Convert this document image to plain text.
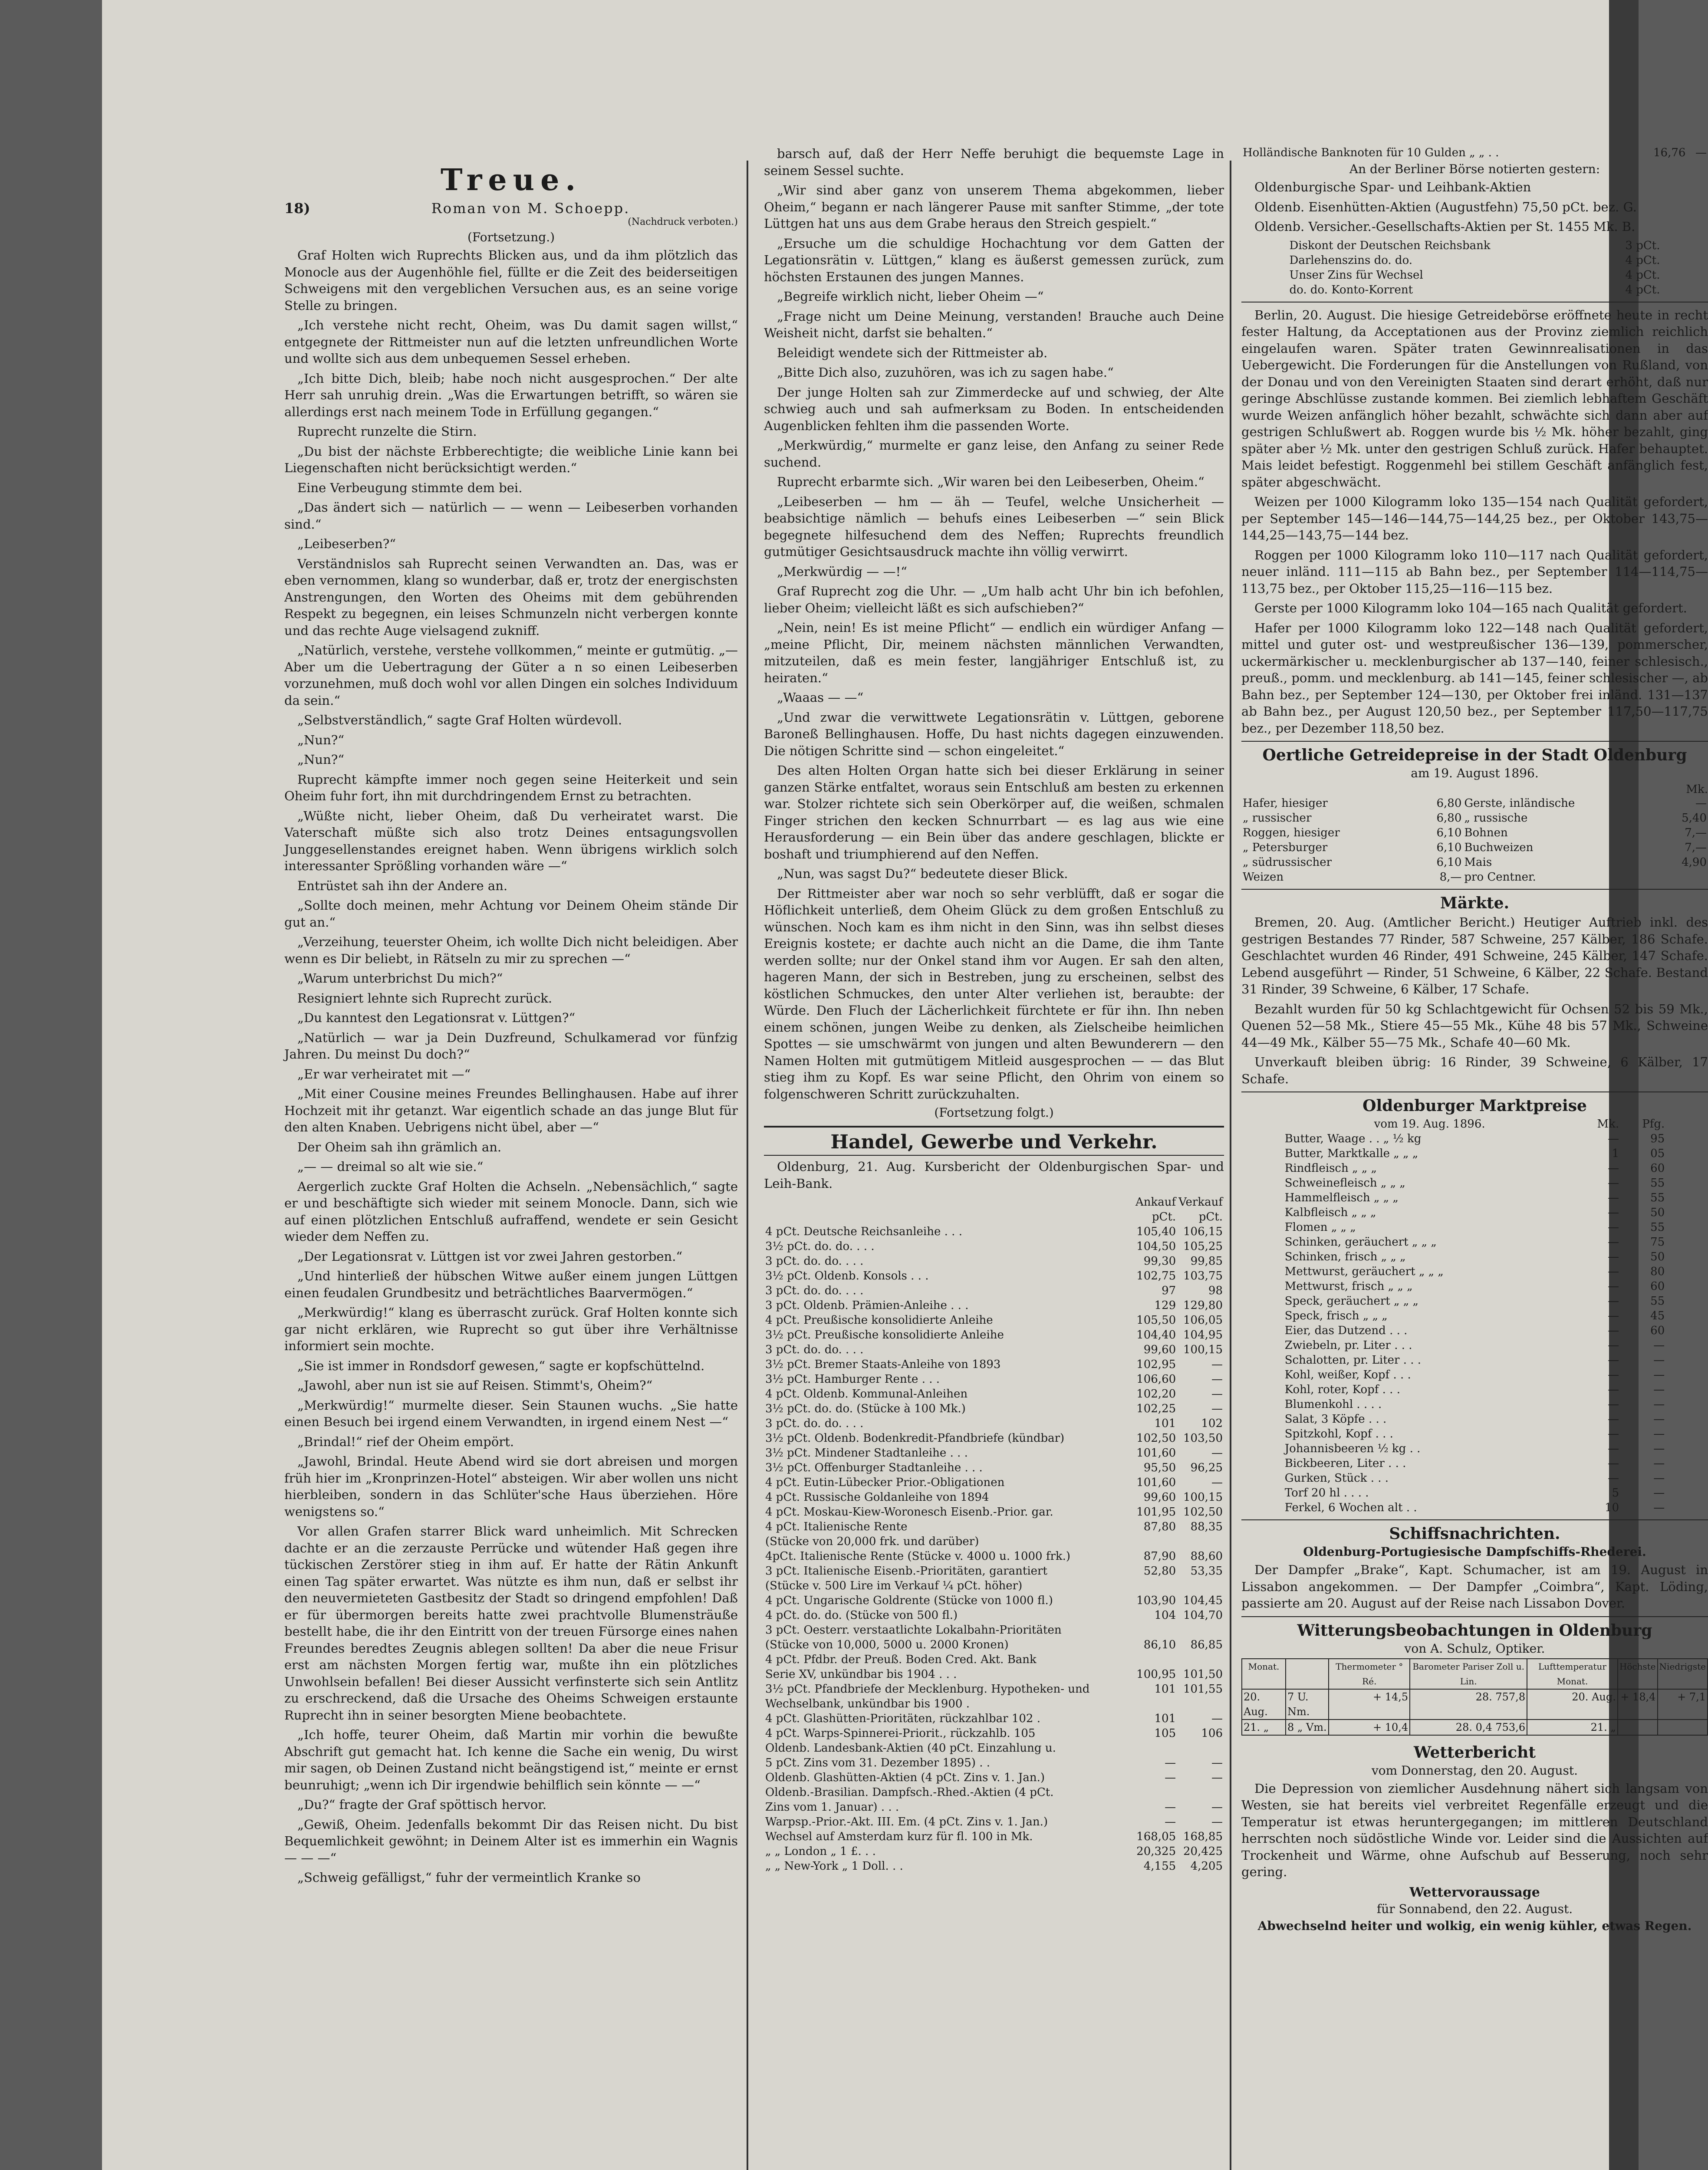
Treue.
18)	Roman von M. Schoepp.
(Nachdruck verboten.)
(Fortsetzung.)

Graf Holten wich Ruprechts Blicken aus, und da ihm plötzlich das Monocle aus der Augenhöhle fiel, füllte er die Zeit des beiderseitigen Schweigens mit den vergeblichen Versuchen aus, es an seine vorige Stelle zu bringen.

„Ich verstehe nicht recht, Oheim, was Du damit sagen willst,“ entgegnete der Rittmeister nun auf die letzten unfreundlichen Worte und wollte sich aus dem unbequemen Sessel erheben.

„Ich bitte Dich, bleib; habe noch nicht ausgesprochen.“ Der alte Herr sah unruhig drein. „Was die Erwartungen betrifft, so wären sie allerdings erst nach meinem Tode in Erfüllung gegangen.“

Ruprecht runzelte die Stirn.

„Du bist der nächste Erbberechtigte; die weibliche Linie kann bei Liegenschaften nicht berücksichtigt werden.“

Eine Verbeugung stimmte dem bei.

„Das ändert sich — natürlich — — wenn — Leibeserben vorhanden sind.“

„Leibeserben?“

Verständnislos sah Ruprecht seinen Verwandten an. Das, was er eben vernommen, klang so wunderbar, daß er, trotz der energischsten Anstrengungen, den Worten des Oheims mit dem gebührenden Respekt zu begegnen, ein leises Schmunzeln nicht verbergen konnte und das rechte Auge vielsagend zukniff.

„Natürlich, verstehe, verstehe vollkommen,“ meinte er gutmütig. „— Aber um die Uebertragung der Güter a n so einen Leibeserben vorzunehmen, muß doch wohl vor allen Dingen ein solches Individuum da sein.“

„Selbstverständlich,“ sagte Graf Holten würdevoll.

„Nun?“

„Nun?“

Ruprecht kämpfte immer noch gegen seine Heiterkeit und sein Oheim fuhr fort, ihn mit durchdringendem Ernst zu betrachten.

„Wüßte nicht, lieber Oheim, daß Du verheiratet warst. Die Vaterschaft müßte sich also trotz Deines entsagungsvollen Junggesellenstandes ereignet haben. Wenn übrigens wirklich solch interessanter Sprößling vorhanden wäre —“

Entrüstet sah ihn der Andere an.

„Sollte doch meinen, mehr Achtung vor Deinem Oheim stände Dir gut an.“

„Verzeihung, teuerster Oheim, ich wollte Dich nicht beleidigen. Aber wenn es Dir beliebt, in Rätseln zu mir zu sprechen —“

„Warum unterbrichst Du mich?“

Resigniert lehnte sich Ruprecht zurück.

„Du kanntest den Legationsrat v. Lüttgen?“

„Natürlich — war ja Dein Duzfreund, Schulkamerad vor fünfzig Jahren. Du meinst Du doch?“

„Er war verheiratet mit —“

„Mit einer Cousine meines Freundes Bellinghausen. Habe auf ihrer Hochzeit mit ihr getanzt. War eigentlich schade an das junge Blut für den alten Knaben. Uebrigens nicht übel, aber —“

Der Oheim sah ihn grämlich an.

„— — dreimal so alt wie sie.“

Aergerlich zuckte Graf Holten die Achseln. „Nebensächlich,“ sagte er und beschäftigte sich wieder mit seinem Monocle. Dann, sich wie auf einen plötzlichen Entschluß aufraffend, wendete er sein Gesicht wieder dem Neffen zu.

„Der Legationsrat v. Lüttgen ist vor zwei Jahren gestorben.“

„Und hinterließ der hübschen Witwe außer einem jungen Lüttgen einen feudalen Grundbesitz und beträchtliches Baarvermögen.“

„Merkwürdig!“ klang es überrascht zurück. Graf Holten konnte sich gar nicht erklären, wie Ruprecht so gut über ihre Verhältnisse informiert sein mochte.

„Sie ist immer in Rondsdorf gewesen,“ sagte er kopfschüttelnd.

„Jawohl, aber nun ist sie auf Reisen. Stimmt's, Oheim?“

„Merkwürdig!“ murmelte dieser. Sein Staunen wuchs. „Sie hatte einen Besuch bei irgend einem Verwandten, in irgend einem Nest —“

„Brindal!“ rief der Oheim empört.

„Jawohl, Brindal. Heute Abend wird sie dort abreisen und morgen früh hier im „Kronprinzen-Hotel“ absteigen. Wir aber wollen uns nicht hierbleiben, sondern in das Schlüter'sche Haus überziehen. Höre wenigstens so.“

Vor allen Grafen starrer Blick ward unheimlich. Mit Schrecken dachte er an die zerzauste Perrücke und wütender Haß gegen ihre tückischen Zerstörer stieg in ihm auf. Er hatte der Rätin Ankunft einen Tag später erwartet. Was nützte es ihm nun, daß er selbst ihr den neuvermieteten Gastbesitz der Stadt so dringend empfohlen! Daß er für übermorgen bereits hatte zwei prachtvolle Blumensträuße bestellt habe, die ihr den Eintritt von der treuen Fürsorge eines nahen Freundes beredtes Zeugnis ablegen sollten! Da aber die neue Frisur erst am nächsten Morgen fertig war, mußte ihn ein plötzliches Unwohlsein befallen! Bei dieser Aussicht verfinsterte sich sein Antlitz zu erschreckend, daß die Ursache des Oheims Schweigen erstaunte Ruprecht ihn in seiner besorgten Miene beobachtete.

„Ich hoffe, teurer Oheim, daß Martin mir vorhin die bewußte Abschrift gut gemacht hat. Ich kenne die Sache ein wenig, Du wirst mir sagen, ob Deinen Zustand nicht beängstigend ist,“ meinte er ernst beunruhigt; „wenn ich Dir irgendwie behilflich sein könnte — —“

„Du?“ fragte der Graf spöttisch hervor.

„Gewiß, Oheim. Jedenfalls bekommt Dir das Reisen nicht. Du bist Bequemlichkeit gewöhnt; in Deinem Alter ist es immerhin ein Wagnis — — —“

„Schweig gefälligst,“ fuhr der vermeintlich Kranke so

barsch auf, daß der Herr Neffe beruhigt die bequemste Lage in seinem Sessel suchte.

„Wir sind aber ganz von unserem Thema abgekommen, lieber Oheim,“ begann er nach längerer Pause mit sanfter Stimme, „der tote Lüttgen hat uns aus dem Grabe heraus den Streich gespielt.“

„Ersuche um die schuldige Hochachtung vor dem Gatten der Legationsrätin v. Lüttgen,“ klang es äußerst gemessen zurück, zum höchsten Erstaunen des jungen Mannes.

„Begreife wirklich nicht, lieber Oheim —“

„Frage nicht um Deine Meinung, verstanden! Brauche auch Deine Weisheit nicht, darfst sie behalten.“

Beleidigt wendete sich der Rittmeister ab.

„Bitte Dich also, zuzuhören, was ich zu sagen habe.“

Der junge Holten sah zur Zimmerdecke auf und schwieg, der Alte schwieg auch und sah aufmerksam zu Boden. In entscheidenden Augenblicken fehlten ihm die passenden Worte.

„Merkwürdig,“ murmelte er ganz leise, den Anfang zu seiner Rede suchend.

Ruprecht erbarmte sich. „Wir waren bei den Leibeserben, Oheim.“

„Leibeserben — hm — äh — Teufel, welche Unsicherheit — beabsichtige nämlich — behufs eines Leibeserben —“ sein Blick begegnete hilfesuchend dem des Neffen; Ruprechts freundlich gutmütiger Gesichtsausdruck machte ihn völlig verwirrt.

„Merkwürdig — —!“

Graf Ruprecht zog die Uhr. — „Um halb acht Uhr bin ich befohlen, lieber Oheim; vielleicht läßt es sich aufschieben?“

„Nein, nein! Es ist meine Pflicht“ — endlich ein würdiger Anfang — „meine Pflicht, Dir, meinem nächsten männlichen Verwandten, mitzuteilen, daß es mein fester, langjähriger Entschluß ist, zu heiraten.“

„Waaas — —“

„Und zwar die verwittwete Legationsrätin v. Lüttgen, geborene Baroneß Bellinghausen. Hoffe, Du hast nichts dagegen einzuwenden. Die nötigen Schritte sind — schon eingeleitet.“

Des alten Holten Organ hatte sich bei dieser Erklärung in seiner ganzen Stärke entfaltet, woraus sein Entschluß am besten zu erkennen war. Stolzer richtete sich sein Oberkörper auf, die weißen, schmalen Finger strichen den kecken Schnurrbart — es lag aus wie eine Herausforderung — ein Bein über das andere geschlagen, blickte er boshaft und triumphierend auf den Neffen.

„Nun, was sagst Du?“ bedeutete dieser Blick.

Der Rittmeister aber war noch so sehr verblüfft, daß er sogar die Höflichkeit unterließ, dem Oheim Glück zu dem großen Entschluß zu wünschen. Noch kam es ihm nicht in den Sinn, was ihn selbst dieses Ereignis kostete; er dachte auch nicht an die Dame, die ihm Tante werden sollte; nur der Onkel stand ihm vor Augen. Er sah den alten, hageren Mann, der sich in Bestreben, jung zu erscheinen, selbst des köstlichen Schmuckes, den unter Alter verliehen ist, beraubte: der Würde. Den Fluch der Lächerlichkeit fürchtete er für ihn. Ihn neben einem schönen, jungen Weibe zu denken, als Zielscheibe heimlichen Spottes — sie umschwärmt von jungen und alten Bewunderern — den Namen Holten mit gutmütigem Mitleid ausgesprochen — — das Blut stieg ihm zu Kopf. Es war seine Pflicht, den Ohrim von einem so folgenschweren Schritt zurückzuhalten.

(Fortsetzung folgt.)
Handel, Gewerbe und Verkehr.

Oldenburg, 21. Aug. Kursbericht der Oldenburgischen Spar- und Leih-Bank.

	Ankauf	Verkauf
	pCt.	pCt.
4 pCt. Deutsche Reichsanleihe . . .	105,40	106,15
3½ pCt. do. do. . . .	104,50	105,25
3 pCt. do. do. . . .	99,30	99,85
3½ pCt. Oldenb. Konsols . . .	102,75	103,75
3 pCt. do. do. . . .	97	98
3 pCt. Oldenb. Prämien-Anleihe . . .	129	129,80
4 pCt. Preußische konsolidierte Anleihe	105,50	106,05
3½ pCt. Preußische konsolidierte Anleihe	104,40	104,95
3 pCt. do. do. . . .	99,60	100,15
3½ pCt. Bremer Staats-Anleihe von 1893	102,95	—
3½ pCt. Hamburger Rente . . .	106,60	—
4 pCt. Oldenb. Kommunal-Anleihen	102,20	—
3½ pCt. do. do. (Stücke à 100 Mk.)	102,25	—
3 pCt. do. do. . . .	101	102
3½ pCt. Oldenb. Bodenkredit-Pfandbriefe (kündbar)	102,50	103,50
3½ pCt. Mindener Stadtanleihe . . .	101,60	—
3½ pCt. Offenburger Stadtanleihe . . .	95,50	96,25
4 pCt. Eutin-Lübecker Prior.-Obligationen	101,60	—
4 pCt. Russische Goldanleihe von 1894	99,60	100,15
4 pCt. Moskau-Kiew-Woronesch Eisenb.-Prior. gar.	101,95	102,50
4 pCt. Italienische Rente	87,80	88,35
(Stücke von 20,000 frk. und darüber)		
4pCt. Italienische Rente (Stücke v. 4000 u. 1000 frk.)	87,90	88,60
3 pCt. Italienische Eisenb.-Prioritäten, garantiert	52,80	53,35
(Stücke v. 500 Lire im Verkauf ¼ pCt. höher)		
4 pCt. Ungarische Goldrente (Stücke von 1000 fl.)	103,90	104,45
4 pCt. do. do. (Stücke von 500 fl.)	104	104,70
3 pCt. Oesterr. verstaatlichte Lokalbahn-Prioritäten		
(Stücke von 10,000, 5000 u. 2000 Kronen)	86,10	86,85
4 pCt. Pfdbr. der Preuß. Boden Cred. Akt. Bank		
Serie XV, unkündbar bis 1904 . . .	100,95	101,50
3½ pCt. Pfandbriefe der Mecklenburg. Hypotheken- und Wechselbank, unkündbar bis 1900 .	101	101,55
4 pCt. Glashütten-Prioritäten, rückzahlbar 102 .	101	—
4 pCt. Warps-Spinnerei-Priorit., rückzahlb. 105	105	106
Oldenb. Landesbank-Aktien (40 pCt. Einzahlung u.		
5 pCt. Zins vom 31. Dezember 1895) . .	—	—
Oldenb. Glashütten-Aktien (4 pCt. Zins v. 1. Jan.)	—	—
Oldenb.-Brasilian. Dampfsch.-Rhed.-Aktien (4 pCt.		
Zins vom 1. Januar) . . .	—	—
Warpsp.-Prior.-Akt. III. Em. (4 pCt. Zins v. 1. Jan.)	—	—
Wechsel auf Amsterdam kurz für fl. 100 in Mk.	168,05	168,85
„ „ London „ 1 £. . .	20,325	20,425
„ „ New-York „ 1 Doll. . .	4,155	4,205
Holländische Banknoten für 10 Gulden „ „ . .	16,76	—
An der Berliner Börse notierten gestern:

Oldenburgische Spar- und Leihbank-Aktien

Oldenb. Eisenhütten-Aktien (Augustfehn) 75,50 pCt. bez. G.

Oldenb. Versicher.-Gesellschafts-Aktien per St. 1455 Mk. B.

Diskont der Deutschen Reichsbank	3 pCt.
Darlehenszins do. do.	4 pCt.
Unser Zins für Wechsel	4 pCt.
do. do. Konto-Korrent	4 pCt.

Berlin, 20. August. Die hiesige Getreidebörse eröffnete heute in recht fester Haltung, da Acceptationen aus der Provinz ziemlich reichlich eingelaufen waren. Später traten Gewinnrealisationen in das Uebergewicht. Die Forderungen für die Anstellungen von Rußland, von der Donau und von den Vereinigten Staaten sind derart erhöht, daß nur geringe Abschlüsse zustande kommen. Bei ziemlich lebhaftem Geschäft wurde Weizen anfänglich höher bezahlt, schwächte sich dann aber auf gestrigen Schlußwert ab. Roggen wurde bis ½ Mk. höher bezahlt, ging später aber ½ Mk. unter den gestrigen Schluß zurück. Hafer behauptet. Mais leidet befestigt. Roggenmehl bei stillem Geschäft anfänglich fest, später abgeschwächt.

Weizen per 1000 Kilogramm loko 135—154 nach Qualität gefordert, per September 145—146—144,75—144,25 bez., per Oktober 143,75—144,25—143,75—144 bez.

Roggen per 1000 Kilogramm loko 110—117 nach Qualität gefordert, neuer inländ. 111—115 ab Bahn bez., per September 114—114,75—113,75 bez., per Oktober 115,25—116—115 bez.

Gerste per 1000 Kilogramm loko 104—165 nach Qualität gefordert.

Hafer per 1000 Kilogramm loko 122—148 nach Qualität gefordert, mittel und guter ost- und westpreußischer 136—139, pommerscher, uckermärkischer u. mecklenburgischer ab 137—140, feiner schlesisch., preuß., pomm. und mecklenburg. ab 141—145, feiner schlesischer —, ab Bahn bez., per September 124—130, per Oktober frei inländ. 131—137 ab Bahn bez., per August 120,50 bez., per September 117,50—117,75 bez., per Dezember 118,50 bez.

Oertliche Getreidepreise in der Stadt Oldenburg
am 19. August 1896.
Mk.
Hafer, hiesiger	6,80	Gerste, inländische	—
„ russischer	6,80	„ russische	5,40
Roggen, hiesiger	6,10	Bohnen	7,—
„ Petersburger	6,10	Buchweizen	7,—
„ südrussischer	6,10	Mais	4,90
Weizen	8,—	pro Centner.	
Märkte.

Bremen, 20. Aug. (Amtlicher Bericht.) Heutiger Auftrieb inkl. des gestrigen Bestandes 77 Rinder, 587 Schweine, 257 Kälber, 186 Schafe. Geschlachtet wurden 46 Rinder, 491 Schweine, 245 Kälber, 147 Schafe. Lebend ausgeführt — Rinder, 51 Schweine, 6 Kälber, 22 Schafe. Bestand 31 Rinder, 39 Schweine, 6 Kälber, 17 Schafe.

Bezahlt wurden für 50 kg Schlachtgewicht für Ochsen 52 bis 59 Mk., Quenen 52—58 Mk., Stiere 45—55 Mk., Kühe 48 bis 57 Mk., Schweine 44—49 Mk., Kälber 55—75 Mk., Schafe 40—60 Mk.

Unverkauft bleiben übrig: 16 Rinder, 39 Schweine, 6 Kälber, 17 Schafe.

Oldenburger Marktpreise
vom 19. Aug. 1896.	Mk.	Pfg.
Butter, Waage . . „ ½ kg	—	95
Butter, Marktkalle „ „ „	1	05
Rindfleisch „ „ „	—	60
Schweinefleisch „ „ „	—	55
Hammelfleisch „ „ „	—	55
Kalbfleisch „ „ „	—	50
Flomen „ „ „	—	55
Schinken, geräuchert „ „ „	—	75
Schinken, frisch „ „ „	—	50
Mettwurst, geräuchert „ „ „	—	80
Mettwurst, frisch „ „ „	—	60
Speck, geräuchert „ „ „	—	55
Speck, frisch „ „ „	—	45
Eier, das Dutzend . . .	—	60
Zwiebeln, pr. Liter . . .	—	—
Schalotten, pr. Liter . . .	—	—
Kohl, weißer, Kopf . . .	—	—
Kohl, roter, Kopf . . .	—	—
Blumenkohl . . . .	—	—
Salat, 3 Köpfe . . .	—	—
Spitzkohl, Kopf . . .	—	—
Johannisbeeren ½ kg . .	—	—
Bickbeeren, Liter . . .	—	—
Gurken, Stück . . .	—	—
Torf 20 hl . . . .	5	—
Ferkel, 6 Wochen alt . .	10	—
Schiffsnachrichten.
Oldenburg-Portugiesische Dampfschiffs-Rhederei.

Der Dampfer „Brake“, Kapt. Schumacher, ist am 19. August in Lissabon angekommen. — Der Dampfer „Coimbra“, Kapt. Löding, passierte am 20. August auf der Reise nach Lissabon Dover.

Witterungsbeobachtungen in Oldenburg
von A. Schulz, Optiker.
Monat.		Thermometer ° Ré.	Barometer Pariser Zoll u. Lin.	Lufttemperatur Monat.	Höchste	Niedrigste
20. Aug.	7 U. Nm.	+ 14,5	28. 757,8	20. Aug.	+ 18,4	+ 7,1
21. „	8 „ Vm.	+ 10,4	28. 0,4 753,6	21. „		
Wetterbericht
vom Donnerstag, den 20. August.

Die Depression von ziemlicher Ausdehnung nähert sich langsam von Westen, sie hat bereits viel verbreitet Regenfälle erzeugt und die Temperatur ist etwas heruntergegangen; im mittleren Deutschland herrschten noch südöstliche Winde vor. Leider sind die Aussichten auf Trockenheit und Wärme, ohne Aufschub auf Besserung, noch sehr gering.

Wettervoraussage
für Sonnabend, den 22. August.
Abwechselnd heiter und wolkig, ein wenig kühler, etwas Regen.
